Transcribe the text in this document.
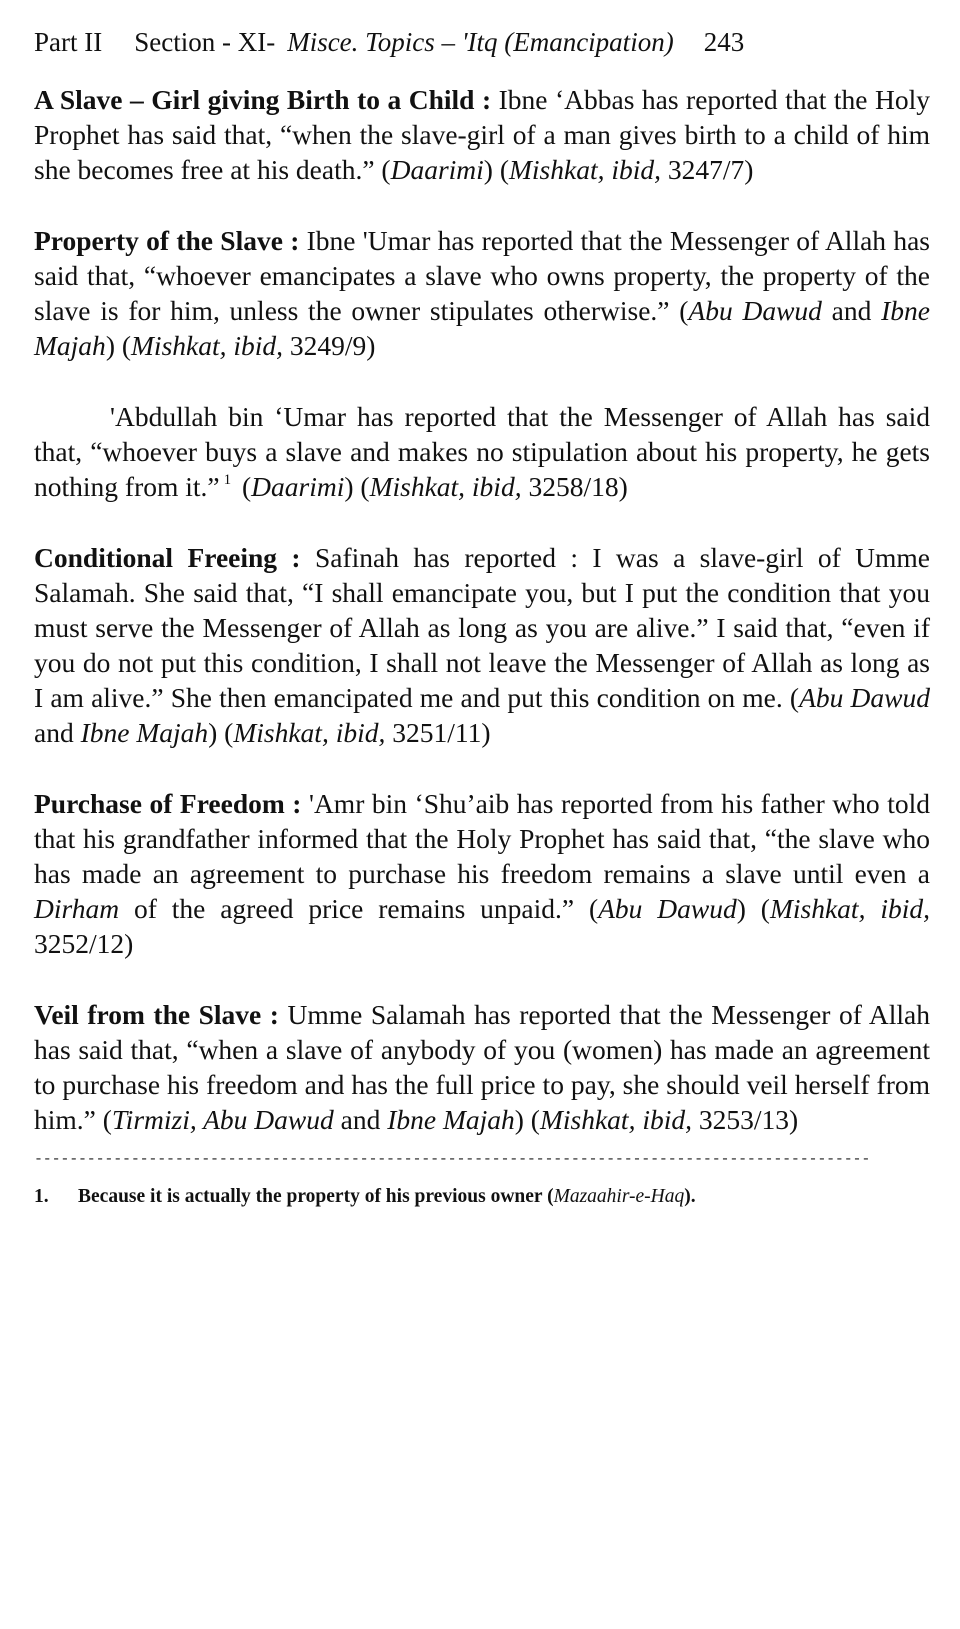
Part II Section - XI- Misce. Topics – 'Itq (Emancipation) 243

A Slave – Girl giving Birth to a Child : Ibne ‘Abbas has reported that the Holy Prophet has said that, “when the slave-girl of a man gives birth to a child of him she becomes free at his death.” (Daarimi) (Mishkat, ibid, 3247/7)

Property of the Slave : Ibne 'Umar has reported that the Messenger of Allah has said that, “whoever emancipates a slave who owns property, the property of the slave is for him, unless the owner stipulates otherwise.” (Abu Dawud and Ibne Majah) (Mishkat, ibid, 3249/9)

'Abdullah bin ‘Umar has reported that the Messenger of Allah has said that, “whoever buys a slave and makes no stipulation about his property, he gets nothing from it.” $^1$ (Daarimi) (Mishkat, ibid, 3258/18)

Conditional Freeing : Safinah has reported : I was a slave-girl of Umme Salamah. She said that, “I shall emancipate you, but I put the condition that you must serve the Messenger of Allah as long as you are alive.” I said that, “even if you do not put this condition, I shall not leave the Messenger of Allah as long as I am alive.” She then emancipated me and put this condition on me. (Abu Dawud and Ibne Majah) (Mishkat, ibid, 3251/11)

Purchase of Freedom : 'Amr bin ‘Shu’aib has reported from his father who told that his grandfather informed that the Holy Prophet has said that, “the slave who has made an agreement to purchase his freedom remains a slave until even a Dirham of the agreed price remains unpaid.” (Abu Dawud) (Mishkat, ibid, 3252/12)

Veil from the Slave : Umme Salamah has reported that the Messenger of Allah has said that, “when a slave of anybody of you (women) has made an agreement to purchase his freedom and has the full price to pay, she should veil herself from him.” (Tirmizi, Abu Dawud and Ibne Majah) (Mishkat, ibid, 3253/13)

-----------------------------------------------------------------------------------------------
1. Because it is actually the property of his previous owner (Mazaahir-e-Haq).
